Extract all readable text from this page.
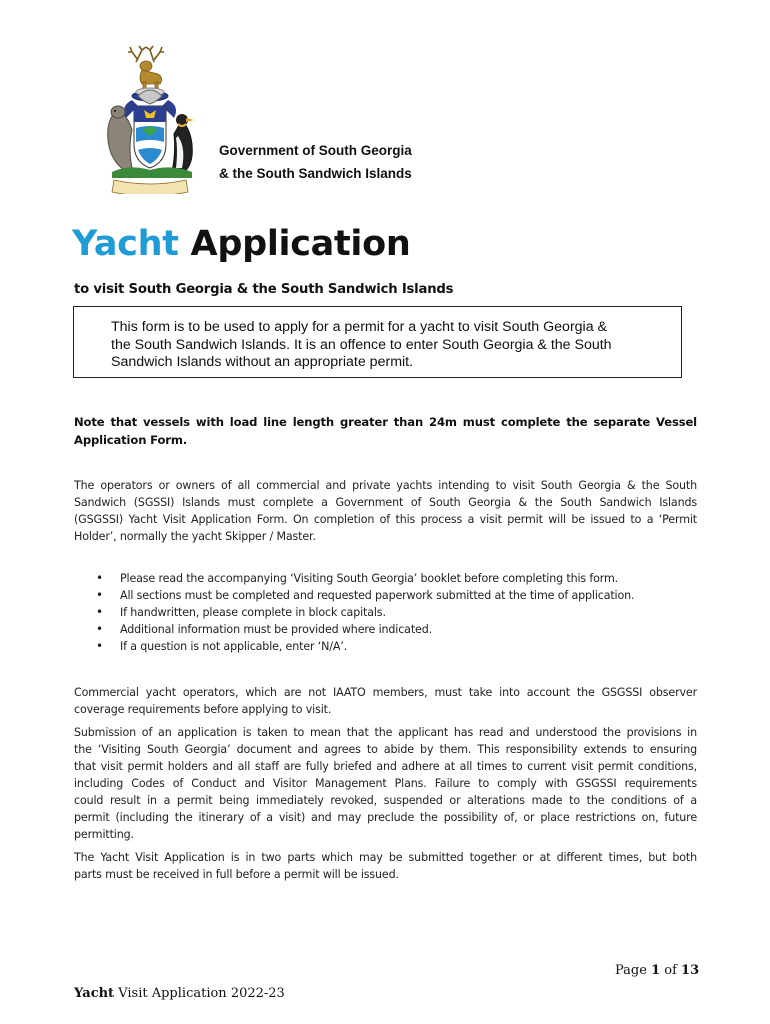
Government of South Georgia
& the South Sandwich Islands
Yacht Application
to visit South Georgia & the South Sandwich Islands
This form is to be used to apply for a permit for a yacht to visit South Georgia &
the South Sandwich Islands. It is an offence to enter South Georgia & the South
Sandwich Islands without an appropriate permit.
Note that vessels with load line length greater than 24m must complete the separate Vessel
Application Form.
The operators or owners of all commercial and private yachts intending to visit South Georgia & the South
Sandwich (SGSSI) Islands must complete a Government of South Georgia & the South Sandwich Islands
(GSGSSI) Yacht Visit Application Form. On completion of this process a visit permit will be issued to a ‘Permit
Holder’, normally the yacht Skipper / Master.
• Please read the accompanying ‘Visiting South Georgia’ booklet before completing this form.
• All sections must be completed and requested paperwork submitted at the time of application.
• If handwritten, please complete in block capitals.
• Additional information must be provided where indicated.
• If a question is not applicable, enter ‘N/A’.
Commercial yacht operators, which are not IAATO members, must take into account the GSGSSI observer
coverage requirements before applying to visit.
Submission of an application is taken to mean that the applicant has read and understood the provisions in
the ‘Visiting South Georgia’ document and agrees to abide by them. This responsibility extends to ensuring
that visit permit holders and all staff are fully briefed and adhere at all times to current visit permit conditions,
including Codes of Conduct and Visitor Management Plans. Failure to comply with GSGSSI requirements
could result in a permit being immediately revoked, suspended or alterations made to the conditions of a
permit (including the itinerary of a visit) and may preclude the possibility of, or place restrictions on, future
permitting.
The Yacht Visit Application is in two parts which may be submitted together or at different times, but both
parts must be received in full before a permit will be issued.
Page 1 of 13
Yacht Visit Application 2022-23
